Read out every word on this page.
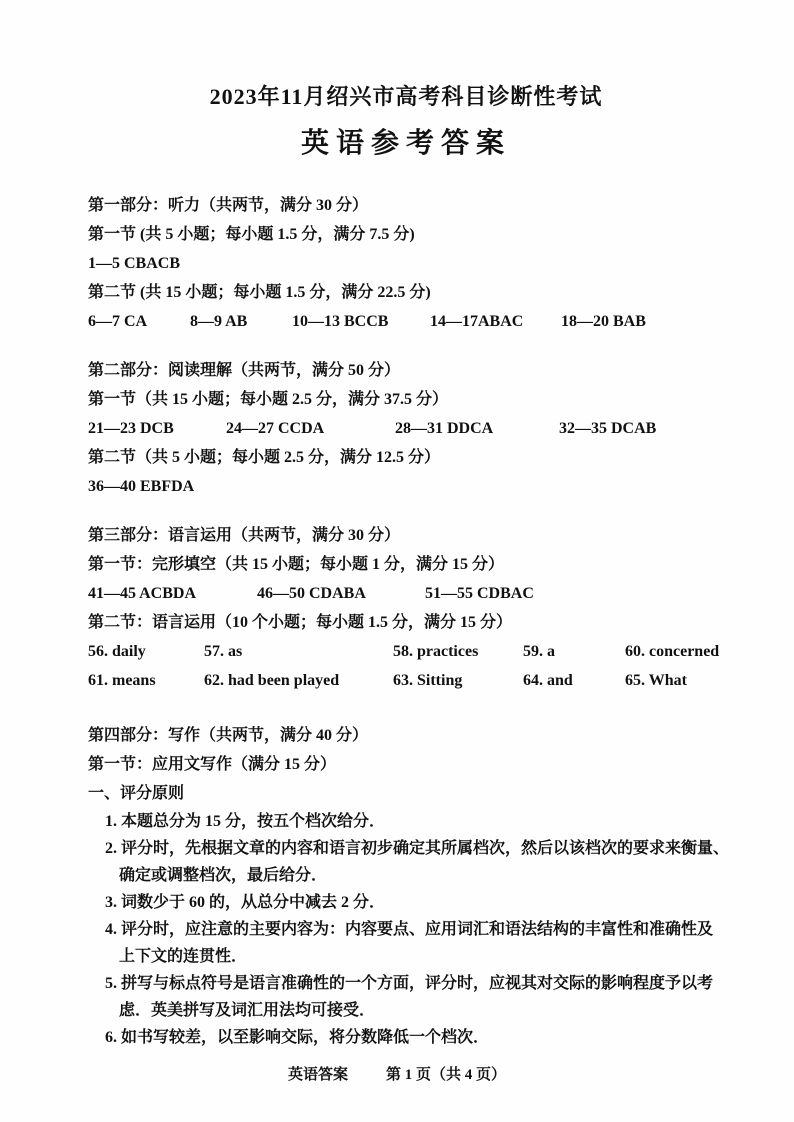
2023年11月绍兴市高考科目诊断性考试
英语参考答案
第一部分：听力（共两节，满分 30 分）
第一节 (共 5 小题；每小题 1.5 分，满分 7.5 分)
1—5 CBACB
第二节 (共 15 小题；每小题 1.5 分，满分 22.5 分)
6—7 CA	8—9 AB	10—13 BCCB	14—17ABAC 18—20 BAB
第二部分：阅读理解（共两节，满分 50 分）
第一节（共 15 小题；每小题 2.5 分，满分 37.5 分）
21—23 DCB	24—27 CCDA	28—31 DDCA	32—35 DCAB
第二节（共 5 小题；每小题 2.5 分，满分 12.5 分）
36—40 EBFDA
第三部分：语言运用（共两节，满分 30 分）
第一节：完形填空（共 15 小题；每小题 1 分，满分 15 分）
41—45 ACBDA	46—50 CDABA	51—55 CDBAC
第二节：语言运用（10 个小题；每小题 1.5 分，满分 15 分）
56. daily	57. as	58. practices	59. a	60. concerned
61. means	62. had been played	63. Sitting	64. and	65. What
第四部分：写作（共两节，满分 40 分）
第一节：应用文写作（满分 15 分）
一、评分原则
1. 本题总分为 15 分，按五个档次给分．
2. 评分时，先根据文章的内容和语言初步确定其所属档次，然后以该档次的要求来衡量、
确定或调整档次，最后给分．
3. 词数少于 60 的，从总分中减去 2 分．
4. 评分时，应注意的主要内容为：内容要点、应用词汇和语法结构的丰富性和准确性及
上下文的连贯性．
5. 拼写与标点符号是语言准确性的一个方面，评分时，应视其对交际的影响程度予以考
虑．英美拼写及词汇用法均可接受．
6. 如书写较差，以至影响交际，将分数降低一个档次．
英语答案	第 1 页（共 4 页）
